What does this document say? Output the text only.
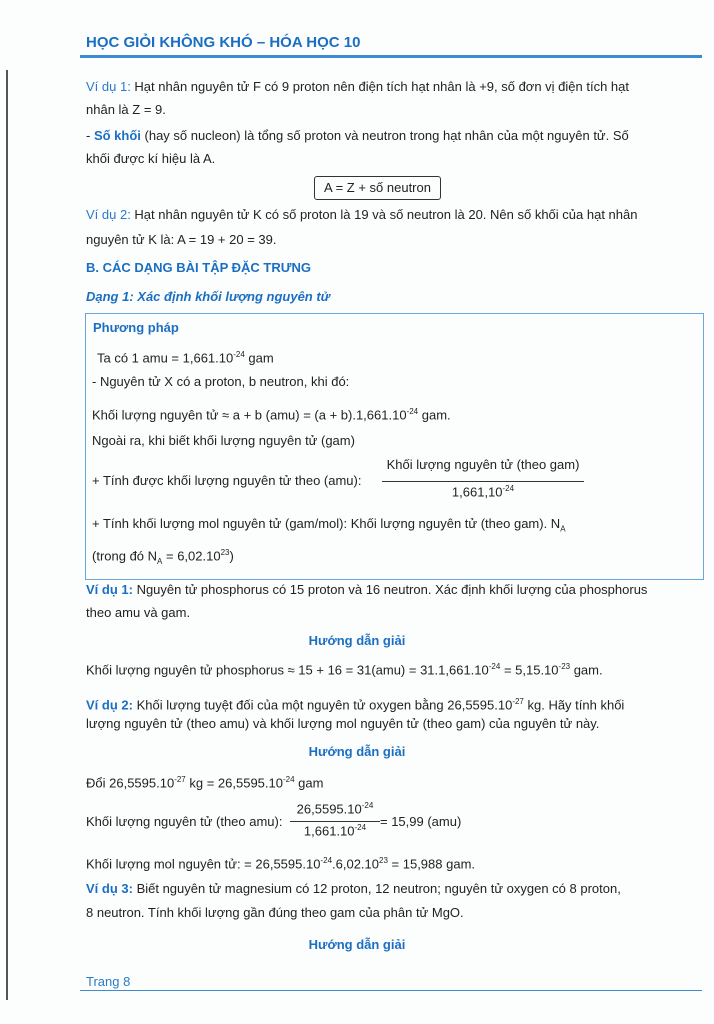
HỌC GIỎI KHÔNG KHÓ – HÓA HỌC 10
Ví dụ 1: Hạt nhân nguyên tử F có 9 proton nên điện tích hạt nhân là +9, số đơn vị điện tích hạt
nhân là Z = 9.
- Số khối (hay số nucleon) là tổng số proton và neutron trong hạt nhân của một nguyên tử. Số
khối được kí hiệu là A.
A = Z + số neutron
Ví dụ 2: Hạt nhân nguyên tử K có số proton là 19 và số neutron là 20. Nên số khối của hạt nhân
nguyên tử K là: A = 19 + 20 = 39.
B. CÁC DẠNG BÀI TẬP ĐẶC TRƯNG
Dạng 1: Xác định khối lượng nguyên tử
Phương pháp
Ta có 1 amu = $1,661.10^{-24}$ gam
- Nguyên tử X có a proton, b neutron, khi đó:
Khối lượng nguyên tử ≈ a + b $(amu) = (a + b).1,661.10^{-24}$ gam.
Ngoài ra, khi biết khối lượng nguyên tử (gam)
+ Tính được khối lượng nguyên tử theo (amu):
Khối lượng nguyên tử (theo gam)
$1,661,10^{-24}$
+ Tính khối lượng mol nguyên tử (gam/mol): Khối lượng nguyên tử (theo gam). $N_A$
(trong đó $N_A = 6,02.10^{23}$)
Ví dụ 1: Nguyên tử phosphorus có 15 proton và 16 neutron. Xác định khối lượng của phosphorus
theo amu và gam.
Hướng dẫn giải
Khối lượng nguyên tử phosphorus ≈ $15 + 16 = 31(amu) = 31.1,661.10^{-24} = 5,15.10^{-23}$ gam.
Ví dụ 2: Khối lượng tuyệt đối của một nguyên tử oxygen bằng $26,5595.10^{-27}$ kg. Hãy tính khối
lượng nguyên tử (theo amu) và khối lượng mol nguyên tử (theo gam) của nguyên tử này.
Hướng dẫn giải
Đổi $26,5595.10^{-27}$ kg = $26,5595.10^{-24}$ gam
Khối lượng nguyên tử (theo amu):
$26,5595.10^{-24}$
$1,661.10^{-24}$	= 15,99 (amu)
Khối lượng mol nguyên tử: = $26,5595.10^{-24}.6,02.10^{23} = 15,988$ gam.
Ví dụ 3: Biết nguyên tử magnesium có 12 proton, 12 neutron; nguyên tử oxygen có 8 proton,
8 neutron. Tính khối lượng gần đúng theo gam của phân tử MgO.
Hướng dẫn giải
Trang 8
